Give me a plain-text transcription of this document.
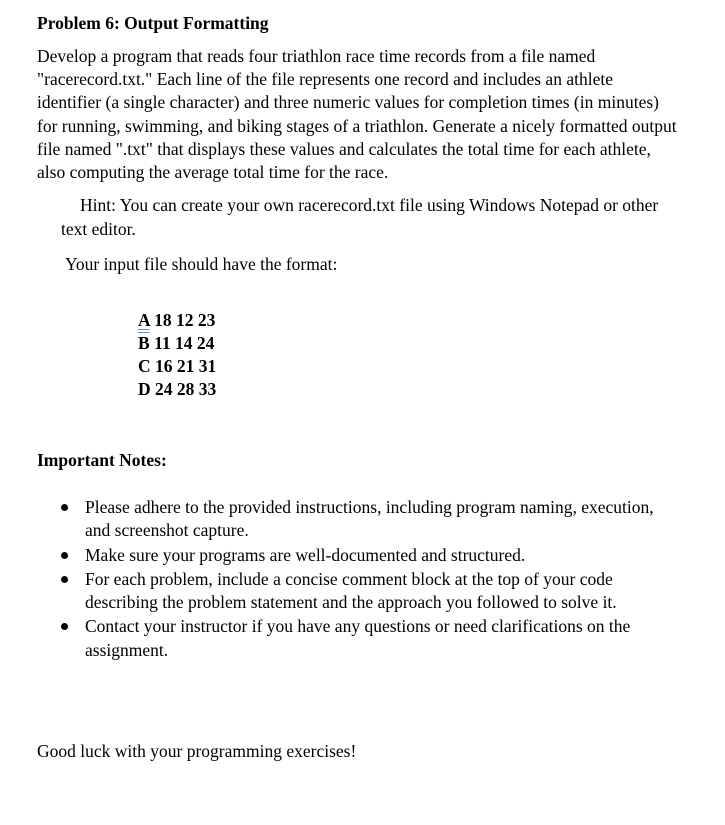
Problem 6: Output Formatting

Develop a program that reads four triathlon race time records from a file named "racerecord.txt." Each line of the file represents one record and includes an athlete identifier (a single character) and three numeric values for completion times (in minutes) for running, swimming, and biking stages of a triathlon. Generate a nicely formatted output file named ".txt" that displays these values and calculates the total time for each athlete, also computing the average total time for the race.

Hint: You can create your own racerecord.txt file using Windows Notepad or other text editor.

Your input file should have the format:

A 18 12 23
B 11 14 24
C 16 21 31
D 24 28 33

Important Notes:

Please adhere to the provided instructions, including program naming, execution, and screenshot capture.
Make sure your programs are well-documented and structured.
For each problem, include a concise comment block at the top of your code describing the problem statement and the approach you followed to solve it.
Contact your instructor if you have any questions or need clarifications on the assignment.

Good luck with your programming exercises!
